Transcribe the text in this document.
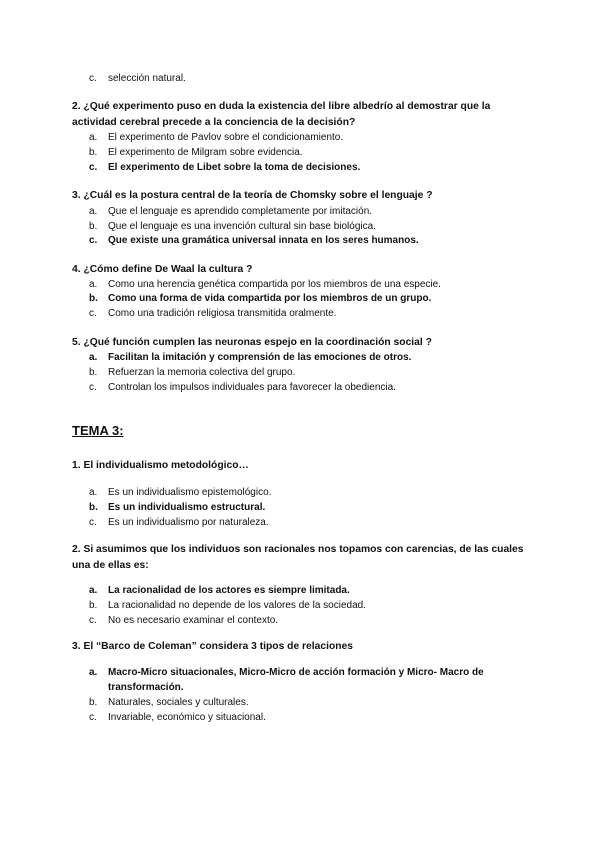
c. selección natural.
2. ¿Qué experimento puso en duda la existencia del libre albedrío al demostrar que la actividad cerebral precede a la conciencia de la decisión?
a. El experimento de Pavlov sobre el condicionamiento.
b. El experimento de Milgram sobre evidencia.
c. El experimento de Libet sobre la toma de decisiones.
3. ¿Cuál es la postura central de la teoría de Chomsky sobre el lenguaje ?
a. Que el lenguaje es aprendido completamente por imitación.
b. Que el lenguaje es una invención cultural sin base biológica.
c. Que existe una gramática universal innata en los seres humanos.
4. ¿Cómo define De Waal la cultura ?
a. Como una herencia genética compartida por los miembros de una especie.
b. Como una forma de vida compartida por los miembros de un grupo.
c. Como una tradición religiosa transmitida oralmente.
5. ¿Qué función cumplen las neuronas espejo en la coordinación social ?
a. Facilitan la imitación y comprensión de las emociones de otros.
b. Refuerzan la memoria colectiva del grupo.
c. Controlan los impulsos individuales para favorecer la obediencia.
TEMA 3:
1. El individualismo metodológico…
a. Es un individualismo epistemológico.
b. Es un individualismo estructural.
c. Es un individualismo por naturaleza.
2. Si asumimos que los individuos son racionales nos topamos con carencias, de las cuales una de ellas es:
a. La racionalidad de los actores es siempre limitada.
b. La racionalidad no depende de los valores de la sociedad.
c. No es necesario examinar el contexto.
3. El “Barco de Coleman” considera 3 tipos de relaciones
a. Macro-Micro situacionales, Micro-Micro de acción formación y Micro- Macro de transformación.
b. Naturales, sociales y culturales.
c. Invariable, económico y situacional.
